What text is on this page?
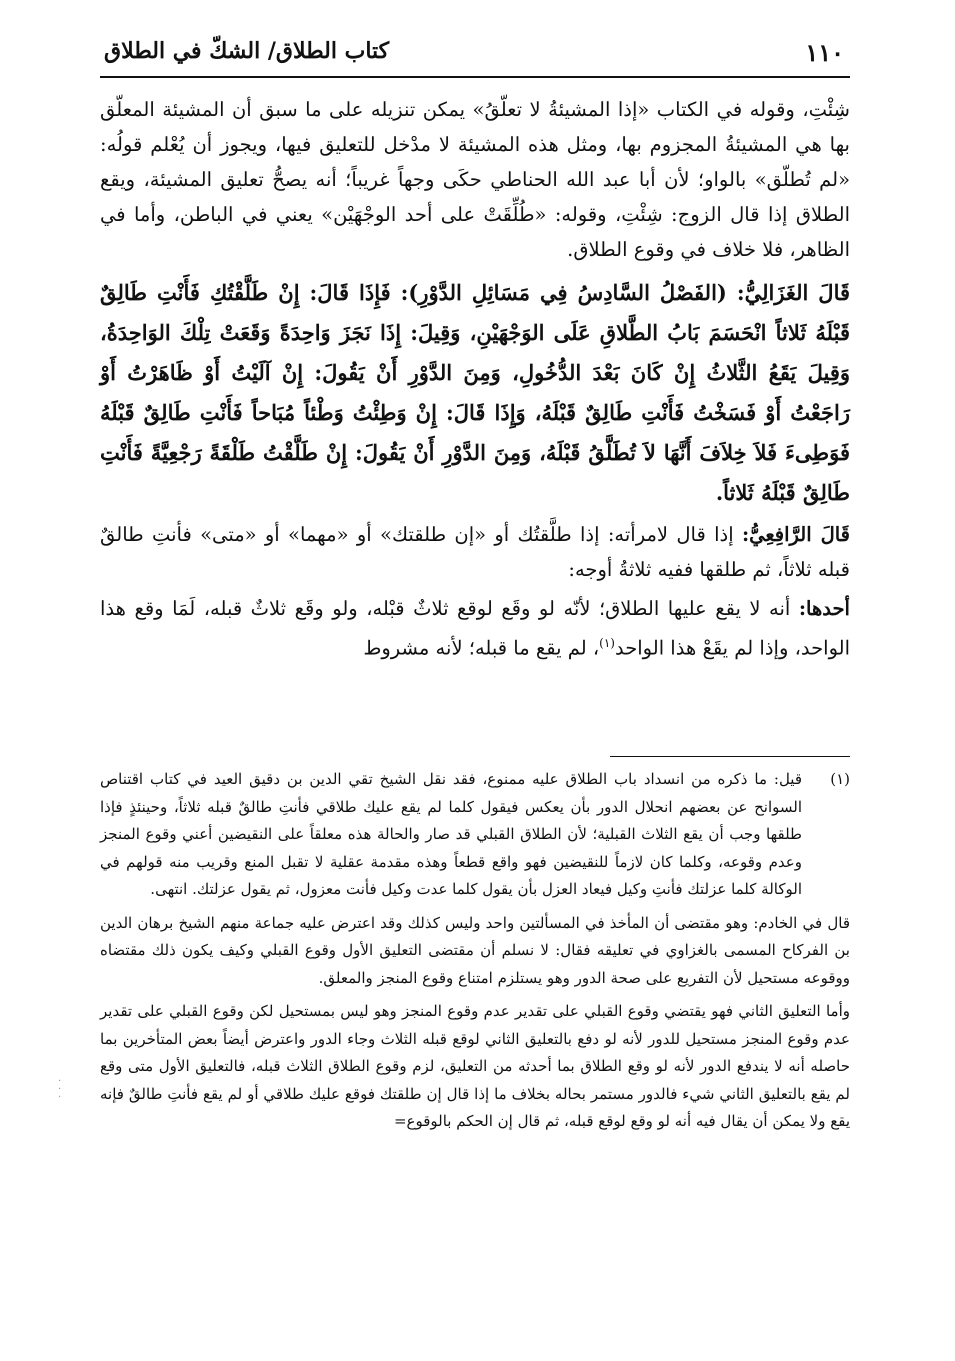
١١٠
كتاب الطلاق/ الشكّ في الطلاق

شِئْتِ، وقوله في الكتاب «إذا المشيئةُ لا تعلّقُ» يمكن تنزيله على ما سبق أن المشيئة المعلّق بها هي المشيئةُ المجزوم بها، ومثل هذه المشيئة لا مدْخل للتعليق فيها، ويجوز أن يُعْلم قولُه: «لم تُطلّق» بالواو؛ لأن أبا عبد الله الحناطي حكَى وجهاً غريباً؛ أنه يصحُّ تعليق المشيئة، ويقع الطلاق إذا قال الزوج: شِئْتِ، وقوله: «طُلِّقَتْ على أحد الوجْهَيْن» يعني في الباطن، وأما في الظاهر، فلا خلاف في وقوع الطلاق.

قَالَ الغَزَالِيُّ: (الفَصْلُ السَّادِسُ فِي مَسَائِلِ الدَّوْرِ): فَإِذَا قَالَ: إِنْ طَلَّقْتُكِ فَأَنْتِ طَالِقٌ قَبْلَهُ ثَلاثاً انْحَسَمَ بَابُ الطَّلاقِ عَلَى الوَجْهَيْنِ، وَقِيلَ: إِذَا نَجَزَ وَاحِدَةً وَقَعَتْ تِلْكَ الوَاحِدَةُ، وَقِيلَ يَقَعُ الثَّلاثُ إِنْ كَانَ بَعْدَ الدُّخُولِ، وَمِنَ الدَّوْرِ أَنْ يَقُولَ: إِنْ آلَيْتُ أَوْ ظَاهَرْتُ أَوْ رَاجَعْتُ أَوْ فَسَخْتُ فَأَنْتِ طَالِقٌ قَبْلَهُ، وَإِذَا قَالَ: إِنْ وَطِئْتُ وَطْئاً مُبَاحاً فَأَنْتِ طَالِقٌ قَبْلَهُ فَوَطِىءَ فَلاَ خِلاَفَ أَنَّهَا لاَ تُطَلَّقُ قَبْلَهُ، وَمِنَ الدَّوْرِ أَنْ يَقُولَ: إِنْ طَلَّقْتُ طَلْقَةً رَجْعِيَّةً فَأَنْتِ طَالِقٌ قَبْلَهُ ثَلاثاً.

قَالَ الرَّافِعِيُّ: إذا قال لامرأته: إذا طلَّقتُك أو «إن طلقتك» أو «مهما» أو «متى» فأنتِ طالقٌ قبله ثلاثاً، ثم طلقها ففيه ثلاثةُ أوجه:

أحدها: أنه لا يقع عليها الطلاق؛ لأنّه لو وقَع لوقع ثلاثٌ قبْله، ولو وقَع ثلاثٌ قبله، لَمَا وقع هذا الواحد، وإذا لم يقَعْ هذا الواحد$^{(١)}$، لم يقع ما قبله؛ لأنه مشروط

(١)
قيل: ما ذكره من انسداد باب الطلاق عليه ممنوع، فقد نقل الشيخ تقي الدين بن دقيق العيد في كتاب اقتناص السوانح عن بعضهم انحلال الدور بأن يعكس فيقول كلما لم يقع عليك طلاقي فأنتِ طالقٌ قبله ثلاثاً، وحينئذٍ فإذا طلقها وجب أن يقع الثلاث القبلية؛ لأن الطلاق القبلي قد صار والحالة هذه معلقاً على النقيضين أعني وقوع المنجز وعدم وقوعه، وكلما كان لازماً للنقيضين فهو واقع قطعاً وهذه مقدمة عقلية لا تقبل المنع وقريب منه قولهم في الوكالة كلما عزلتك فأنتِ وكيل فيعاد العزل بأن يقول كلما عدت وكيل فأنت معزول، ثم يقول عزلتك. انتهى.

قال في الخادم: وهو مقتضى أن المأخذ في المسألتين واحد وليس كذلك وقد اعترض عليه جماعة منهم الشيخ برهان الدين بن الفركاح المسمى بالغزاوي في تعليقه فقال: لا نسلم أن مقتضى التعليق الأول وقوع القبلي وكيف يكون ذلك مقتضاه ووقوعه مستحيل لأن التفريع على صحة الدور وهو يستلزم امتناع وقوع المنجز والمعلق.

وأما التعليق الثاني فهو يقتضي وقوع القبلي على تقدير عدم وقوع المنجز وهو ليس بمستحيل لكن وقوع القبلي على تقدير عدم وقوع المنجز مستحيل للدور لأنه لو دفع بالتعليق الثاني لوقع قبله الثلاث وجاء الدور واعترض أيضاً بعض المتأخرين بما حاصله أنه لا يندفع الدور لأنه لو وقع الطلاق بما أحدثه من التعليق، لزم وقوع الطلاق الثلاث قبله، فالتعليق الأول متى وقع لم يقع بالتعليق الثاني شيء فالدور مستمر بحاله بخلاف ما إذا قال إن طلقتك فوقع عليك طلاقي أو لم يقع فأنتِ طالقٌ فإنه يقع ولا يمكن أن يقال فيه أنه لو وقع لوقع قبله، ثم قال إن الحكم بالوقوع=

·
·
·
